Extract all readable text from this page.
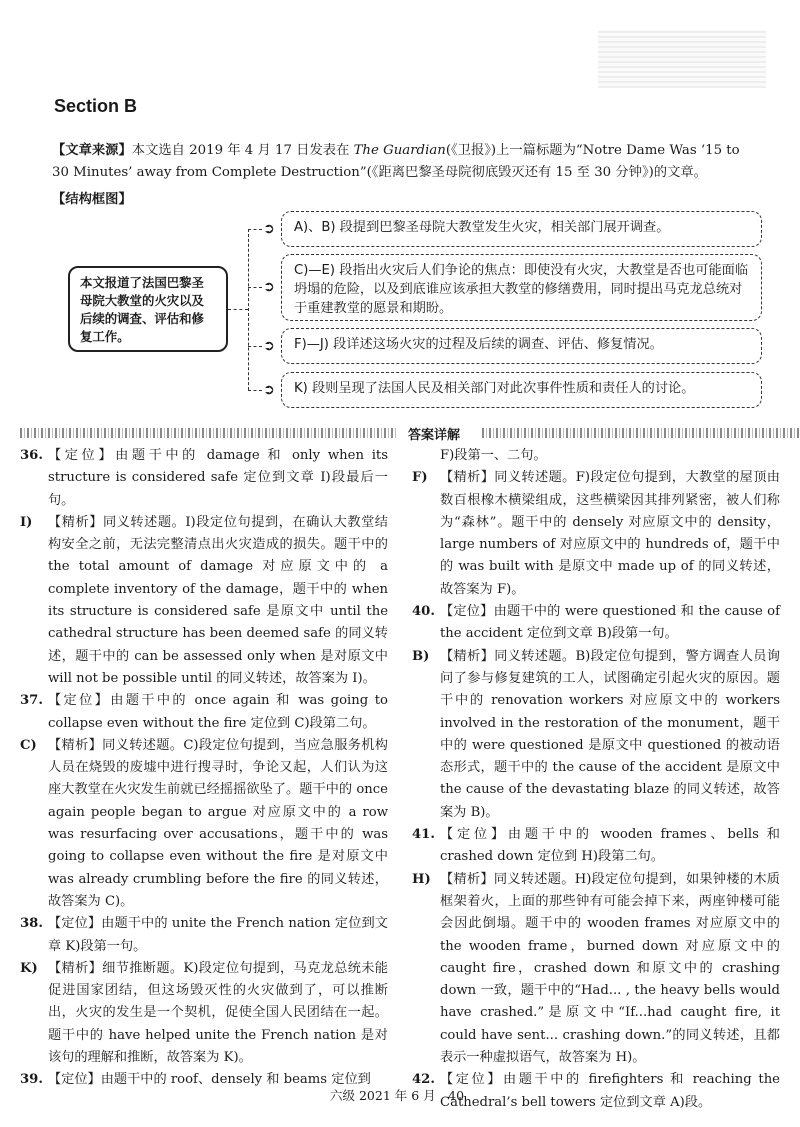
Section B
【文章来源】本文选自 2019 年 4 月 17 日发表在 The Guardian(《卫报》)上一篇标题为“Notre Dame Was ‘15 to 30 Minutes’ away from Complete Destruction”(《距离巴黎圣母院彻底毁灭还有 15 至 30 分钟》)的文章。
【结构框图】
本文报道了法国巴黎圣母院大教堂的火灾以及后续的调查、评估和修复工作。
➲	A)、B) 段提到巴黎圣母院大教堂发生火灾，相关部门展开调查。
➲
C)—E) 段指出火灾后人们争论的焦点：即使没有火灾，大教堂是否也可能面临坍塌的危险，以及到底谁应该承担大教堂的修缮费用，同时提出马克龙总统对于重建教堂的愿景和期盼。
➲	F)—J) 段详述这场火灾的过程及后续的调查、评估、修复情况。
➲	K) 段则呈现了法国人民及相关部门对此次事件性质和责任人的讨论。
答案详解
36. 【定位】由题干中的 damage 和 only when its structure is considered safe 定位到文章 I)段最后一句。
I)	【精析】同义转述题。I)段定位句提到，在确认大教堂结构安全之前，无法完整清点出火灾造成的损失。题干中的 the total amount of damage 对应原文中的 a complete inventory of the damage，题干中的 when its structure is considered safe 是原文中 until the cathedral structure has been deemed safe 的同义转述，题干中的 can be assessed only when 是对原文中 will not be possible until 的同义转述，故答案为 I)。
37. 【定位】由题干中的 once again 和 was going to collapse even without the fire 定位到 C)段第二句。
C) 【精析】同义转述题。C)段定位句提到，当应急服务机构人员在烧毁的废墟中进行搜寻时，争论又起，人们认为这座大教堂在火灾发生前就已经摇摇欲坠了。题干中的 once again people began to argue 对应原文中的 a row was resurfacing over accusations，题干中的 was going to collapse even without the fire 是对原文中 was already crumbling before the fire 的同义转述，故答案为 C)。
38. 【定位】由题干中的 unite the French nation 定位到文章 K)段第一句。
K) 【精析】细节推断题。K)段定位句提到，马克龙总统未能促进国家团结，但这场毁灭性的火灾做到了，可以推断出，火灾的发生是一个契机，促使全国人民团结在一起。题干中的 have helped unite the French nation 是对该句的理解和推断，故答案为 K)。
39. 【定位】由题干中的 roof、densely 和 beams 定位到
F)段第一、二句。
F) 【精析】同义转述题。F)段定位句提到，大教堂的屋顶由数百根橡木横梁组成，这些横梁因其排列紧密，被人们称为“森林”。题干中的 densely 对应原文中的 density，large numbers of 对应原文中的 hundreds of，题干中的 was built with 是原文中 made up of 的同义转述，故答案为 F)。
40. 【定位】由题干中的 were questioned 和 the cause of the accident 定位到文章 B)段第一句。
B) 【精析】同义转述题。B)段定位句提到，警方调查人员询问了参与修复建筑的工人，试图确定引起火灾的原因。题干中的 renovation workers 对应原文中的 workers involved in the restoration of the monument，题干中的 were questioned 是原文中 questioned 的被动语态形式，题干中的 the cause of the accident 是原文中 the cause of the devastating blaze 的同义转述，故答案为 B)。
41. 【定位】由题干中的 wooden frames、bells 和 crashed down 定位到 H)段第二句。
H) 【精析】同义转述题。H)段定位句提到，如果钟楼的木质框架着火，上面的那些钟有可能会掉下来，两座钟楼可能会因此倒塌。题干中的 wooden frames 对应原文中的 the wooden frame，burned down 对应原文中的 caught fire，crashed down 和原文中的 crashing down 一致，题干中的“Had... , the heavy bells would have crashed.”是原文中“If...had caught fire, it could have sent... crashing down.”的同义转述，且都表示一种虚拟语气，故答案为 H)。
42. 【定位】由题干中的 firefighters 和 reaching the Cathedral’s bell towers 定位到文章 A)段。
六级 2021 年 6 月　40
